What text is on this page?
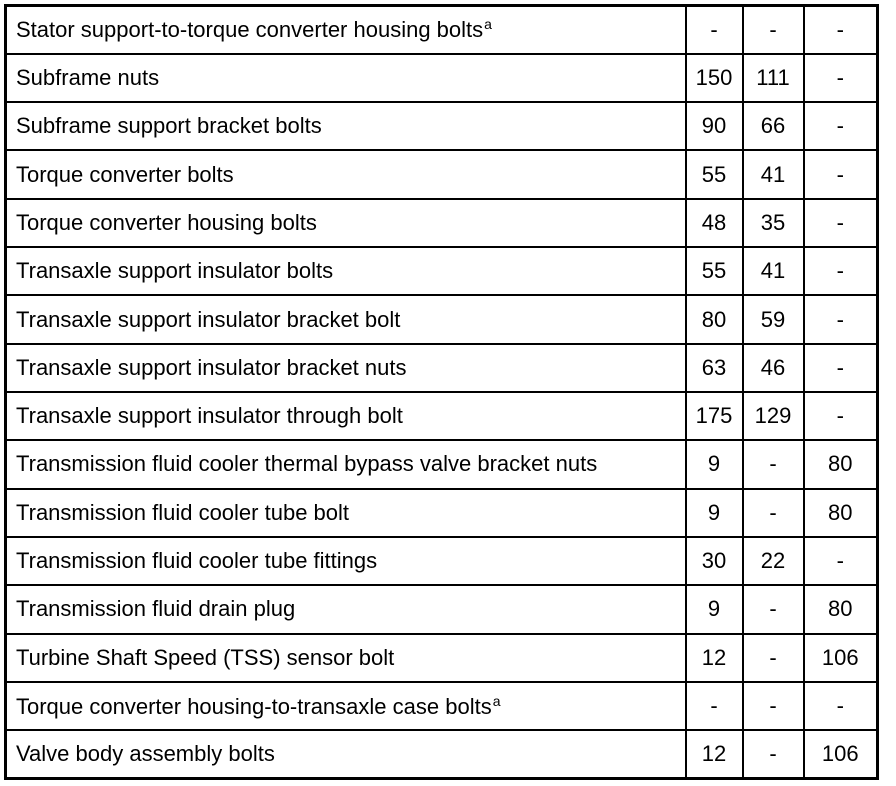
Stator support-to-torque converter housing bolts$^a$	-	-	-
Subframe nuts	150	111	-
Subframe support bracket bolts	90	66	-
Torque converter bolts	55	41	-
Torque converter housing bolts	48	35	-
Transaxle support insulator bolts	55	41	-
Transaxle support insulator bracket bolt	80	59	-
Transaxle support insulator bracket nuts	63	46	-
Transaxle support insulator through bolt	175	129	-
Transmission fluid cooler thermal bypass valve bracket nuts	9	-	80
Transmission fluid cooler tube bolt	9	-	80
Transmission fluid cooler tube fittings	30	22	-
Transmission fluid drain plug	9	-	80
Turbine Shaft Speed (TSS) sensor bolt	12	-	106
Torque converter housing-to-transaxle case bolts$^a$	-	-	-
Valve body assembly bolts	12	-	106
